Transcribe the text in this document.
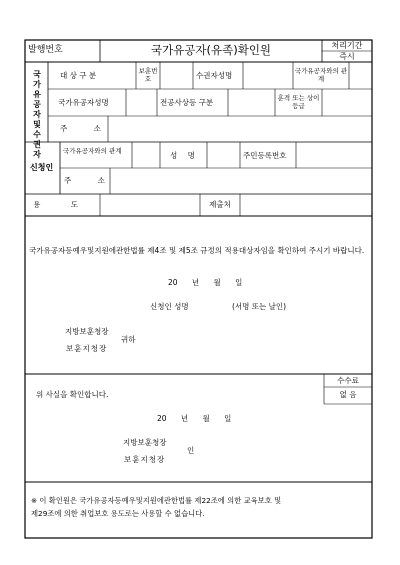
발행번호	국가유공자(유족)확인원	처리기간
즉시
국가유공자 및 수권자
대 상 구 분	보훈번호	수권자성명	국가유공자와의 관계
국가유공자성명	전공사상등 구분	훈격 또는 상이등급
주 소
신청인
국가유공자와의 관계	성 명	주민등록번호
주 소
용 도	제출처
국가유공자등예우및지원에관한법률 제4조 및 제5조 규정의 적용대상자임을 확인하여 주시기 바랍니다.
20 년 월 일
신청인 성명	(서명 또는 날인)
지방보훈청장
보훈지청장
귀하
수수료
없 음
위 사실을 확인합니다.
20 년 월 일
지방보훈청장
보훈지청장
인
※ 이 확인원은 국가유공자등예우및지원에관한법률 제22조에 의한 교육보호 및
제29조에 의한 취업보호 용도로는 사용할 수 없습니다.
